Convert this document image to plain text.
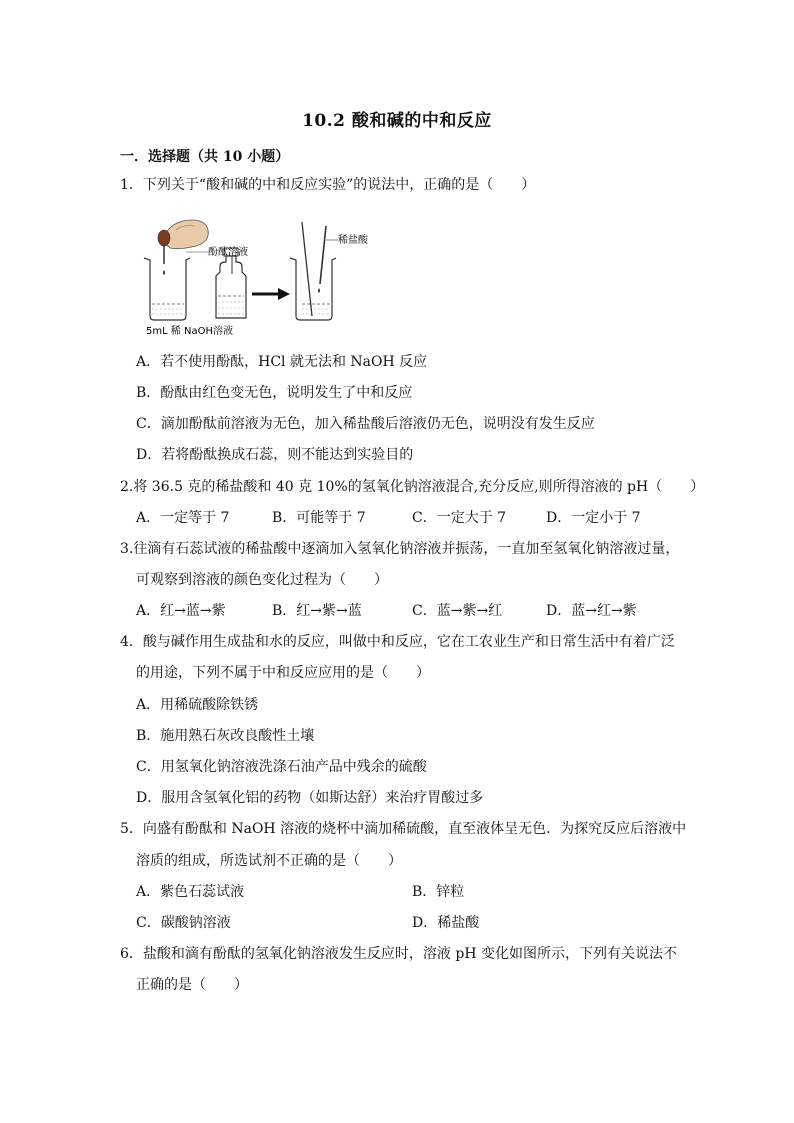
10.2 酸和碱的中和反应
一．选择题（共 10 小题）
1．下列关于“酸和碱的中和反应实验”的说法中，正确的是（　　）
酚酞溶液
稀盐酸
5mL 稀 NaOH溶液
A．若不使用酚酞，HCl 就无法和 NaOH 反应
B．酚酞由红色变无色，说明发生了中和反应
C．滴加酚酞前溶液为无色，加入稀盐酸后溶液仍无色，说明没有发生反应
D．若将酚酞换成石蕊，则不能达到实验目的
2.将 36.5 克的稀盐酸和 40 克 10%的氢氧化钠溶液混合,充分反应,则所得溶液的 pH（　　）
A．一定等于 7	B．可能等于 7	C．一定大于 7	D．一定小于 7
3.往滴有石蕊试液的稀盐酸中逐滴加入氢氧化钠溶液并振荡，一直加至氢氧化钠溶液过量，
可观察到溶液的颜色变化过程为（　　）
A．红→蓝→紫	B．红→紫→蓝	C．蓝→紫→红	D．蓝→红→紫
4．酸与碱作用生成盐和水的反应，叫做中和反应，它在工农业生产和日常生活中有着广泛
的用途，下列不属于中和反应应用的是（　　）
A．用稀硫酸除铁锈
B．施用熟石灰改良酸性土壤
C．用氢氧化钠溶液洗涤石油产品中残余的硫酸
D．服用含氢氧化铝的药物（如斯达舒）来治疗胃酸过多
5．向盛有酚酞和 NaOH 溶液的烧杯中滴加稀硫酸，直至液体呈无色．为探究反应后溶液中
溶质的组成，所选试剂不正确的是（　　）
A．紫色石蕊试液	B．锌粒
C．碳酸钠溶液	D．稀盐酸
6．盐酸和滴有酚酞的氢氧化钠溶液发生反应时，溶液 pH 变化如图所示，下列有关说法不
正确的是（　　）
